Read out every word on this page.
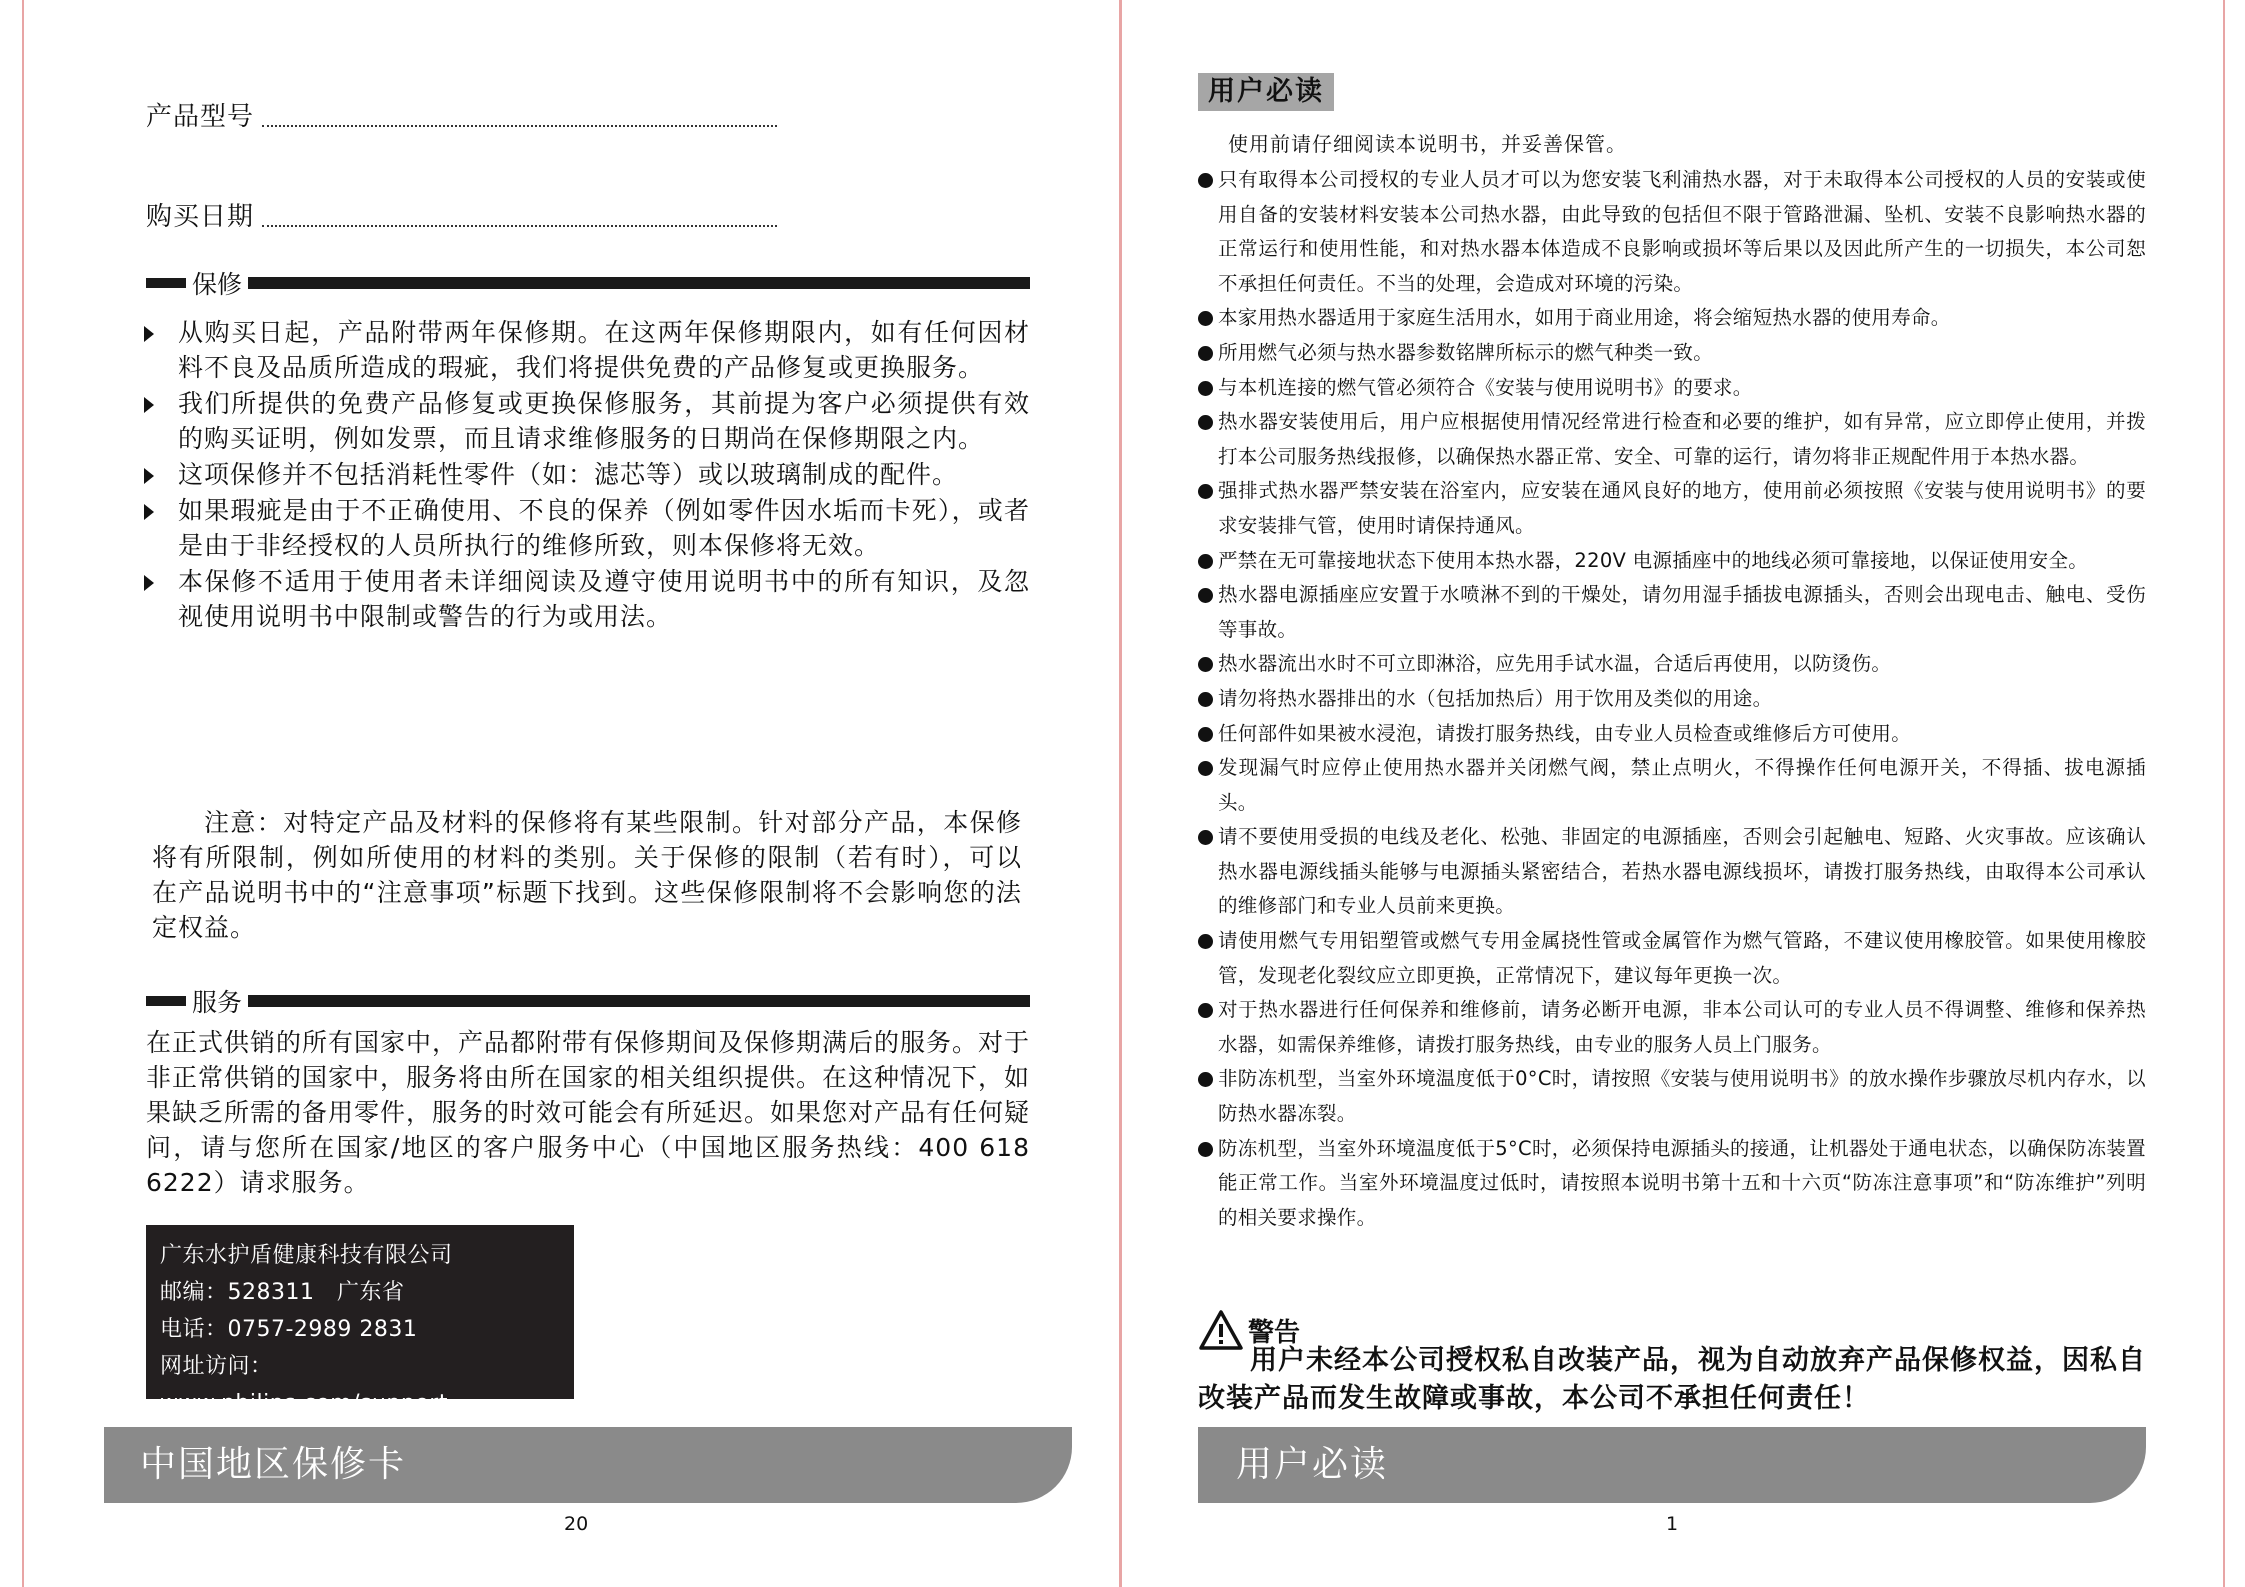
产品型号
购买日期
保修
从购买日起，产品附带两年保修期。在这两年保修期限内，如有任何因材料不良及品质所造成的瑕疵，我们将提供免费的产品修复或更换服务。
我们所提供的免费产品修复或更换保修服务，其前提为客户必须提供有效的购买证明，例如发票，而且请求维修服务的日期尚在保修期限之内。
这项保修并不包括消耗性零件（如：滤芯等）或以玻璃制成的配件。
如果瑕疵是由于不正确使用、不良的保养（例如零件因水垢而卡死），或者是由于非经授权的人员所执行的维修所致，则本保修将无效。
本保修不适用于使用者未详细阅读及遵守使用说明书中的所有知识，及忽视使用说明书中限制或警告的行为或用法。

注意：对特定产品及材料的保修将有某些限制。针对部分产品，本保修将有所限制，例如所使用的材料的类别。关于保修的限制（若有时），可以在产品说明书中的“注意事项”标题下找到。这些保修限制将不会影响您的法定权益。

服务

在正式供销的所有国家中，产品都附带有保修期间及保修期满后的服务。对于非正常供销的国家中，服务将由所在国家的相关组织提供。在这种情况下，如果缺乏所需的备用零件，服务的时效可能会有所延迟。如果您对产品有任何疑问，请与您所在国家/地区的客户服务中心（中国地区服务热线：400 618 6222）请求服务。

广东水护盾健康科技有限公司
邮编：528311　广东省
电话：0757-2989 2831
网址访问：www.philips.com/support
中国地区保修卡
20
用户必读
使用前请仔细阅读本说明书，并妥善保管。
只有取得本公司授权的专业人员才可以为您安装飞利浦热水器，对于未取得本公司授权的人员的安装或使用自备的安装材料安装本公司热水器，由此导致的包括但不限于管路泄漏、坠机、安装不良影响热水器的正常运行和使用性能，和对热水器本体造成不良影响或损坏等后果以及因此所产生的一切损失，本公司恕不承担任何责任。不当的处理，会造成对环境的污染。
本家用热水器适用于家庭生活用水，如用于商业用途，将会缩短热水器的使用寿命。
所用燃气必须与热水器参数铭牌所标示的燃气种类一致。
与本机连接的燃气管必须符合《安装与使用说明书》的要求。
热水器安装使用后，用户应根据使用情况经常进行检查和必要的维护，如有异常，应立即停止使用，并拨打本公司服务热线报修，以确保热水器正常、安全、可靠的运行，请勿将非正规配件用于本热水器。
强排式热水器严禁安装在浴室内，应安装在通风良好的地方，使用前必须按照《安装与使用说明书》的要求安装排气管，使用时请保持通风。
严禁在无可靠接地状态下使用本热水器，220V 电源插座中的地线必须可靠接地，以保证使用安全。
热水器电源插座应安置于水喷淋不到的干燥处，请勿用湿手插拔电源插头，否则会出现电击、触电、受伤等事故。
热水器流出水时不可立即淋浴，应先用手试水温，合适后再使用，以防烫伤。
请勿将热水器排出的水（包括加热后）用于饮用及类似的用途。
任何部件如果被水浸泡，请拨打服务热线，由专业人员检查或维修后方可使用。
发现漏气时应停止使用热水器并关闭燃气阀，禁止点明火，不得操作任何电源开关，不得插、拔电源插头。
请不要使用受损的电线及老化、松弛、非固定的电源插座，否则会引起触电、短路、火灾事故。应该确认热水器电源线插头能够与电源插头紧密结合，若热水器电源线损坏，请拨打服务热线，由取得本公司承认的维修部门和专业人员前来更换。
请使用燃气专用铝塑管或燃气专用金属挠性管或金属管作为燃气管路，不建议使用橡胶管。如果使用橡胶管，发现老化裂纹应立即更换，正常情况下，建议每年更换一次。
对于热水器进行任何保养和维修前，请务必断开电源，非本公司认可的专业人员不得调整、维修和保养热水器，如需保养维修，请拨打服务热线，由专业的服务人员上门服务。
非防冻机型，当室外环境温度低于0°C时，请按照《安装与使用说明书》的放水操作步骤放尽机内存水，以防热水器冻裂。
防冻机型，当室外环境温度低于5°C时，必须保持电源插头的接通，让机器处于通电状态，以确保防冻装置能正常工作。当室外环境温度过低时，请按照本说明书第十五和十六页“防冻注意事项”和“防冻维护”列明的相关要求操作。
警告

用户未经本公司授权私自改装产品，视为自动放弃产品保修权益，因私自改装产品而发生故障或事故，本公司不承担任何责任！

用户必读
1
